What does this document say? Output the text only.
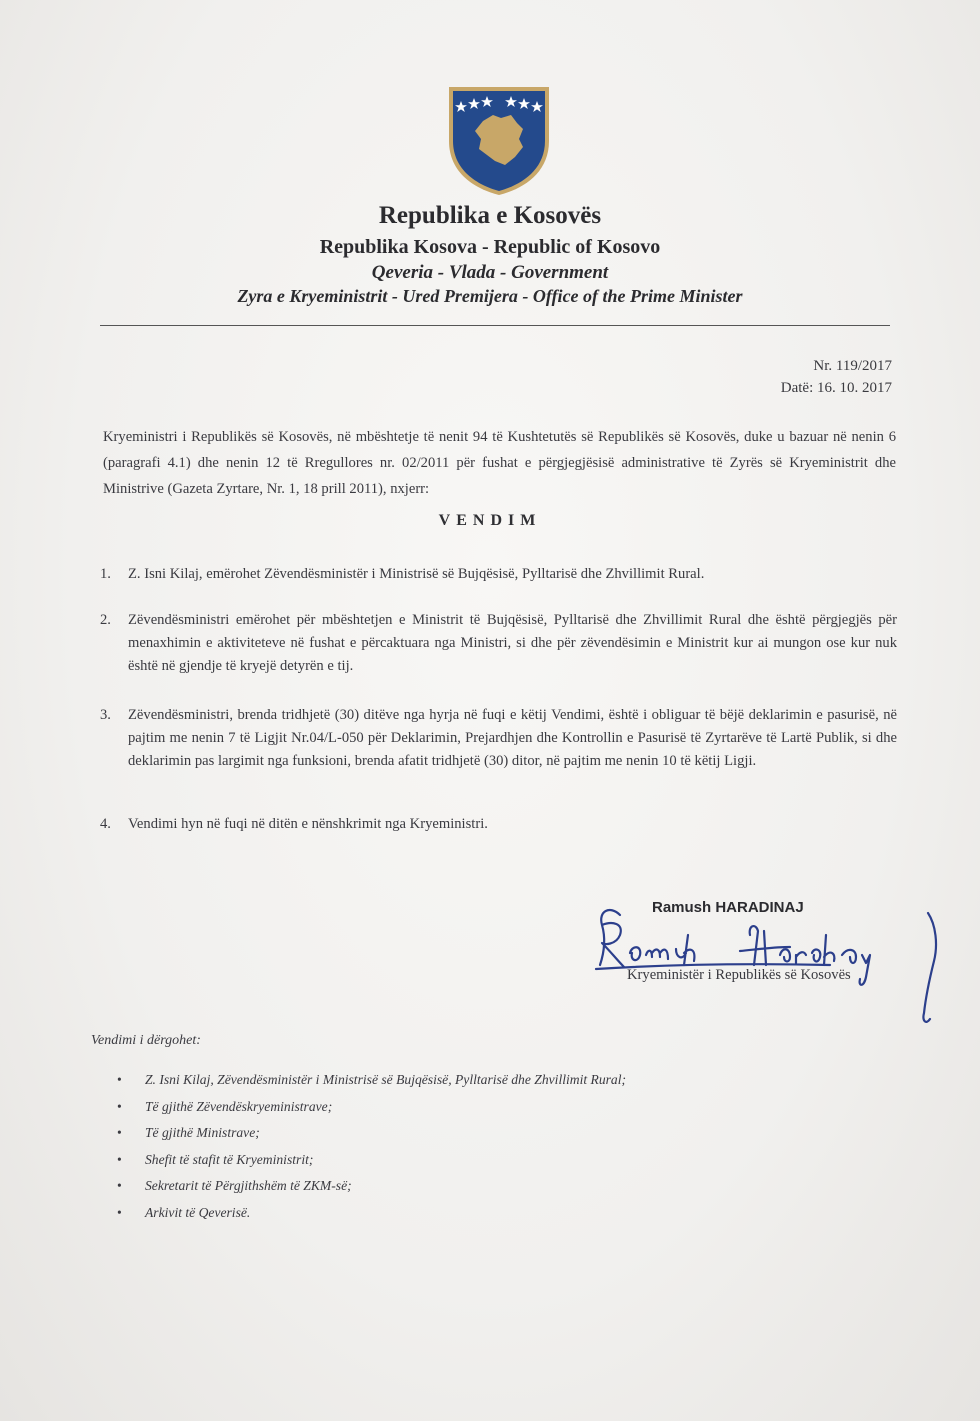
Republika e Kosovës
Republika Kosova - Republic of Kosovo
Qeveria - Vlada - Government
Zyra e Kryeministrit - Ured Premijera - Office of the Prime Minister
Nr. 119/2017
Datë: 16. 10. 2017
Kryeministri i Republikës së Kosovës, në mbështetje të nenit 94 të Kushtetutës së Republikës së Kosovës, duke u bazuar në nenin 6 (paragrafi 4.1) dhe nenin 12 të Rregullores nr. 02/2011 për fushat e përgjegjësisë administrative të Zyrës së Kryeministrit dhe Ministrive (Gazeta Zyrtare, Nr. 1, 18 prill 2011), nxjerr:
VENDIM
1. Z. Isni Kilaj, emërohet Zëvendësministër i Ministrisë së Bujqësisë, Pylltarisë dhe Zhvillimit Rural.
2. Zëvendësministri emërohet për mbështetjen e Ministrit të Bujqësisë, Pylltarisë dhe Zhvillimit Rural dhe është përgjegjës për menaxhimin e aktiviteteve në fushat e përcaktuara nga Ministri, si dhe për zëvendësimin e Ministrit kur ai mungon ose kur nuk është në gjendje të kryejë detyrën e tij.
3. Zëvendësministri, brenda tridhjetë (30) ditëve nga hyrja në fuqi e këtij Vendimi, është i obliguar të bëjë deklarimin e pasurisë, në pajtim me nenin 7 të Ligjit Nr.04/L-050 për Deklarimin, Prejardhjen dhe Kontrollin e Pasurisë të Zyrtarëve të Lartë Publik, si dhe deklarimin pas largimit nga funksioni, brenda afatit tridhjetë (30) ditor, në pajtim me nenin 10 të këtij Ligji.
4. Vendimi hyn në fuqi në ditën e nënshkrimit nga Kryeministri.
Ramush HARADINAJ
Kryeministër i Republikës së Kosovës
Vendimi i dërgohet:
• Z. Isni Kilaj, Zëvendësministër i Ministrisë së Bujqësisë, Pylltarisë dhe Zhvillimit Rural;
• Të gjithë Zëvendëskryeministrave;
• Të gjithë Ministrave;
• Shefit të stafit të Kryeministrit;
• Sekretarit të Përgjithshëm të ZKM-së;
• Arkivit të Qeverisë.
